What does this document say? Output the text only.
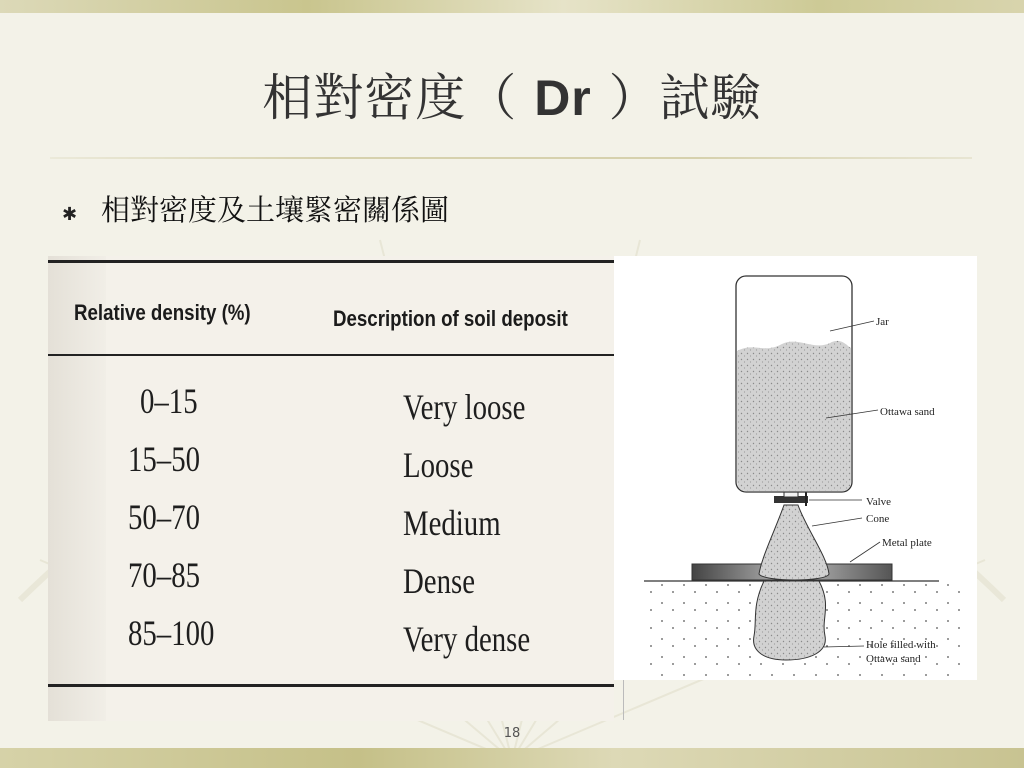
相對密度（ Dr ）試驗
✱ 相對密度及土壤緊密關係圖
Relative density (%)	Description of soil deposit
0–15	Very loose
15–50	Loose
50–70	Medium
70–85	Dense
85–100	Very dense
Jar
Ottawa sand
Valve
Cone
Metal plate
Hole filled with
Ottawa sand
18
